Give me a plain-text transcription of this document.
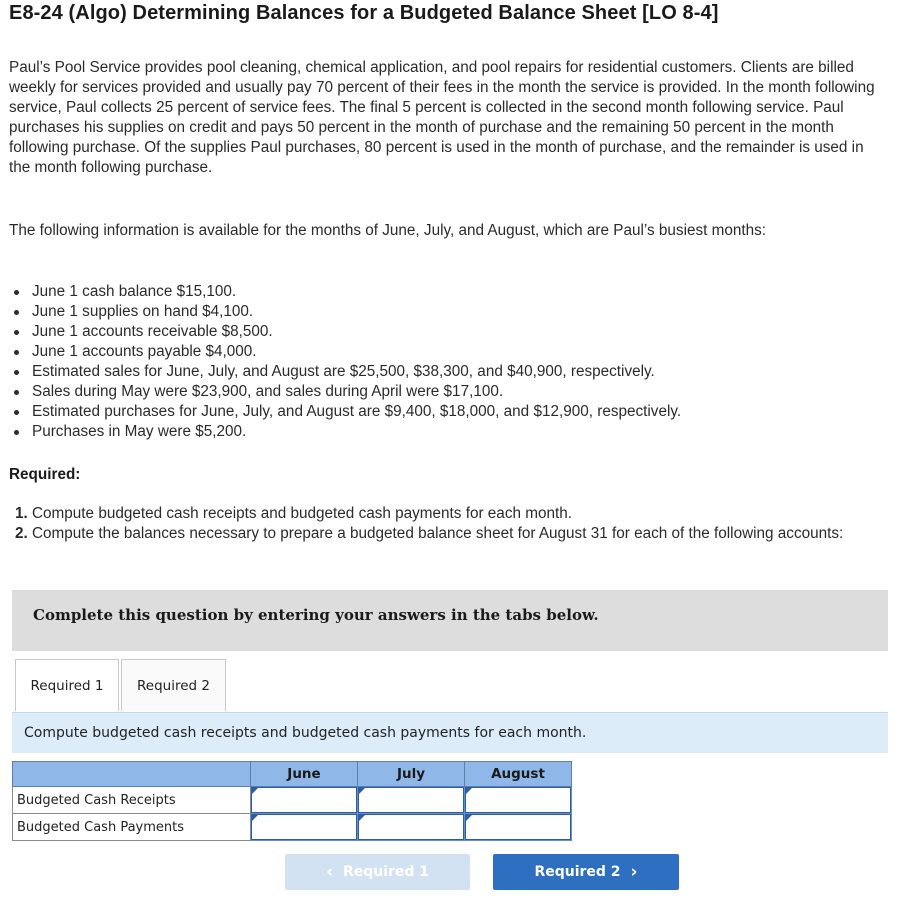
E8-24 (Algo) Determining Balances for a Budgeted Balance Sheet [LO 8-4]

Paul’s Pool Service provides pool cleaning, chemical application, and pool repairs for residential customers. Clients are billed weekly for services provided and usually pay 70 percent of their fees in the month the service is provided. In the month following service, Paul collects 25 percent of service fees. The final 5 percent is collected in the second month following service. Paul purchases his supplies on credit and pays 50 percent in the month of purchase and the remaining 50 percent in the month following purchase. Of the supplies Paul purchases, 80 percent is used in the month of purchase, and the remainder is used in the month following purchase.

The following information is available for the months of June, July, and August, which are Paul’s busiest months:

June 1 cash balance $15,100.
June 1 supplies on hand $4,100.
June 1 accounts receivable $8,500.
June 1 accounts payable $4,000.
Estimated sales for June, July, and August are $25,500, $38,300, and $40,900, respectively.
Sales during May were $23,900, and sales during April were $17,100.
Estimated purchases for June, July, and August are $9,400, $18,000, and $12,900, respectively.
Purchases in May were $5,200.

Required:

1. Compute budgeted cash receipts and budgeted cash payments for each month.
2. Compute the balances necessary to prepare a budgeted balance sheet for August 31 for each of the following accounts:
Complete this question by entering your answers in the tabs below.
Required 1	Required 2
Compute budgeted cash receipts and budgeted cash payments for each month.
	June	July	August
Budgeted Cash Receipts			
Budgeted Cash Payments			
‹ Required 1	Required 2 ›
